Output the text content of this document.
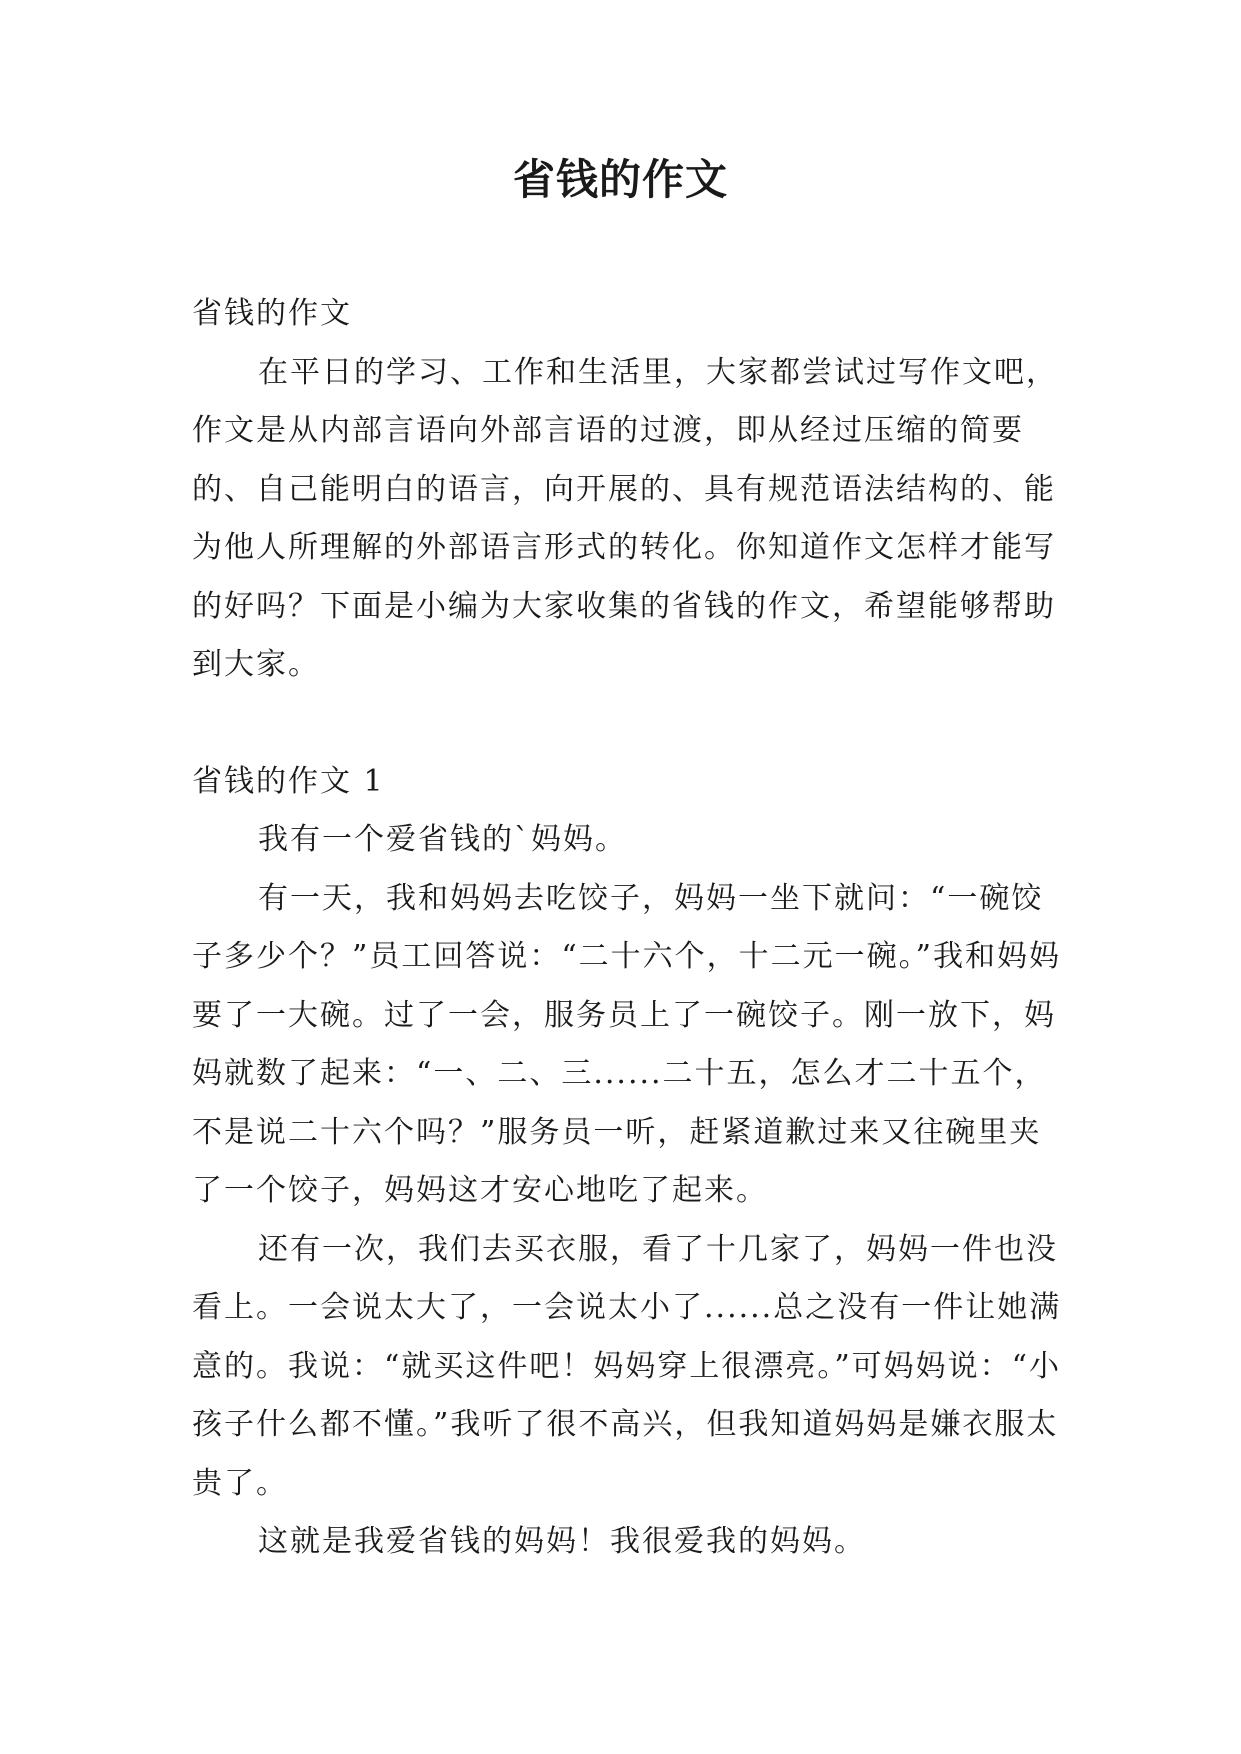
省钱的作文

省钱的作文

在平日的学习、工作和生活里，大家都尝试过写作文吧，作文是从内部言语向外部言语的过渡，即从经过压缩的简要的、自己能明白的语言，向开展的、具有规范语法结构的、能为他人所理解的外部语言形式的转化。你知道作文怎样才能写的好吗？下面是小编为大家收集的省钱的作文，希望能够帮助到大家。

省钱的作文 1

我有一个爱省钱的`妈妈。

有一天，我和妈妈去吃饺子，妈妈一坐下就问：“一碗饺子多少个？”员工回答说：“二十六个，十二元一碗。”我和妈妈要了一大碗。过了一会，服务员上了一碗饺子。刚一放下，妈妈就数了起来：“一、二、三......二十五，怎么才二十五个，不是说二十六个吗？”服务员一听，赶紧道歉过来又往碗里夹了一个饺子，妈妈这才安心地吃了起来。

还有一次，我们去买衣服，看了十几家了，妈妈一件也没看上。一会说太大了，一会说太小了......总之没有一件让她满意的。我说：“就买这件吧！妈妈穿上很漂亮。”可妈妈说：“小孩子什么都不懂。”我听了很不高兴，但我知道妈妈是嫌衣服太贵了。

这就是我爱省钱的妈妈！我很爱我的妈妈。
